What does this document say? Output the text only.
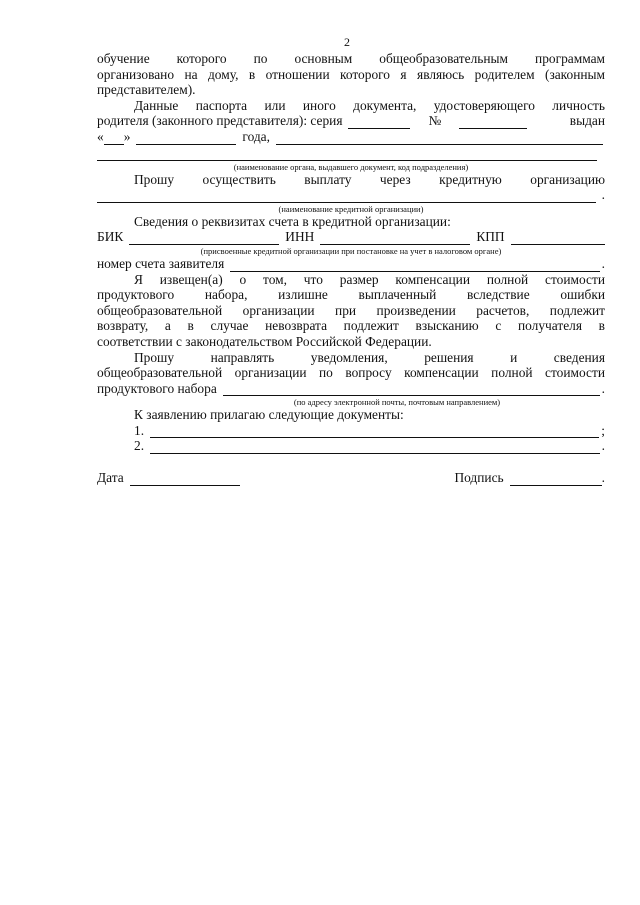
2
обучение которого по основным общеобразовательным программам
организовано на дому, в отношении которого я являюсь родителем (законным
представителем).
Данные паспорта или иного документа, удостоверяющего личность
родителя (законного представителя): серия	№	выдан
« »	года,
(наименование органа, выдавшего документ, код подразделения)
Прошу осуществить выплату через кредитную организацию
.
(наименование кредитной организации)
Сведения о реквизитах счета в кредитной организации:
БИК	ИНН	КПП
(присвоенные кредитной организации при постановке на учет в налоговом органе)
номер счета заявителя	.
Я извещен(а) о том, что размер компенсации полной стоимости
продуктового набора, излишне выплаченный вследствие ошибки
общеобразовательной организации при произведении расчетов, подлежит
возврату, а в случае невозврата подлежит взысканию с получателя в
соответствии с законодательством Российской Федерации.
Прошу направлять уведомления, решения и сведения
общеобразовательной организации по вопросу компенсации полной стоимости
продуктового набора	.
(по адресу электронной почты, почтовым направлением)
К заявлению прилагаю следующие документы:
1.	;
2.	.
Дата	Подпись	.
